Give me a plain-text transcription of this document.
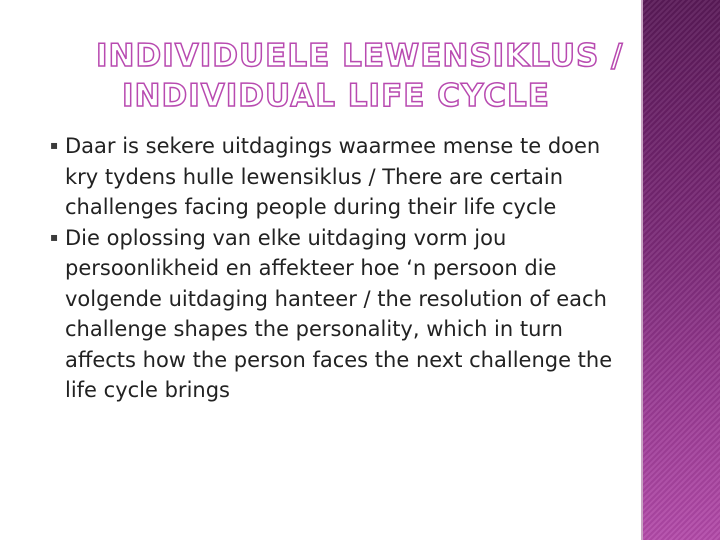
INDIVIDUELE LEWENSIKLUS /
INDIVIDUAL LIFE CYCLE
▪ Daar is sekere uitdagings waarmee mense te doen kry tydens hulle lewensiklus / There are certain challenges facing people during their life cycle
▪ Die oplossing van elke uitdaging vorm jou persoonlikheid en affekteer hoe ‘n persoon die volgende uitdaging hanteer / the resolution of each challenge shapes the personality, which in turn affects how the person faces the next challenge the life cycle brings
